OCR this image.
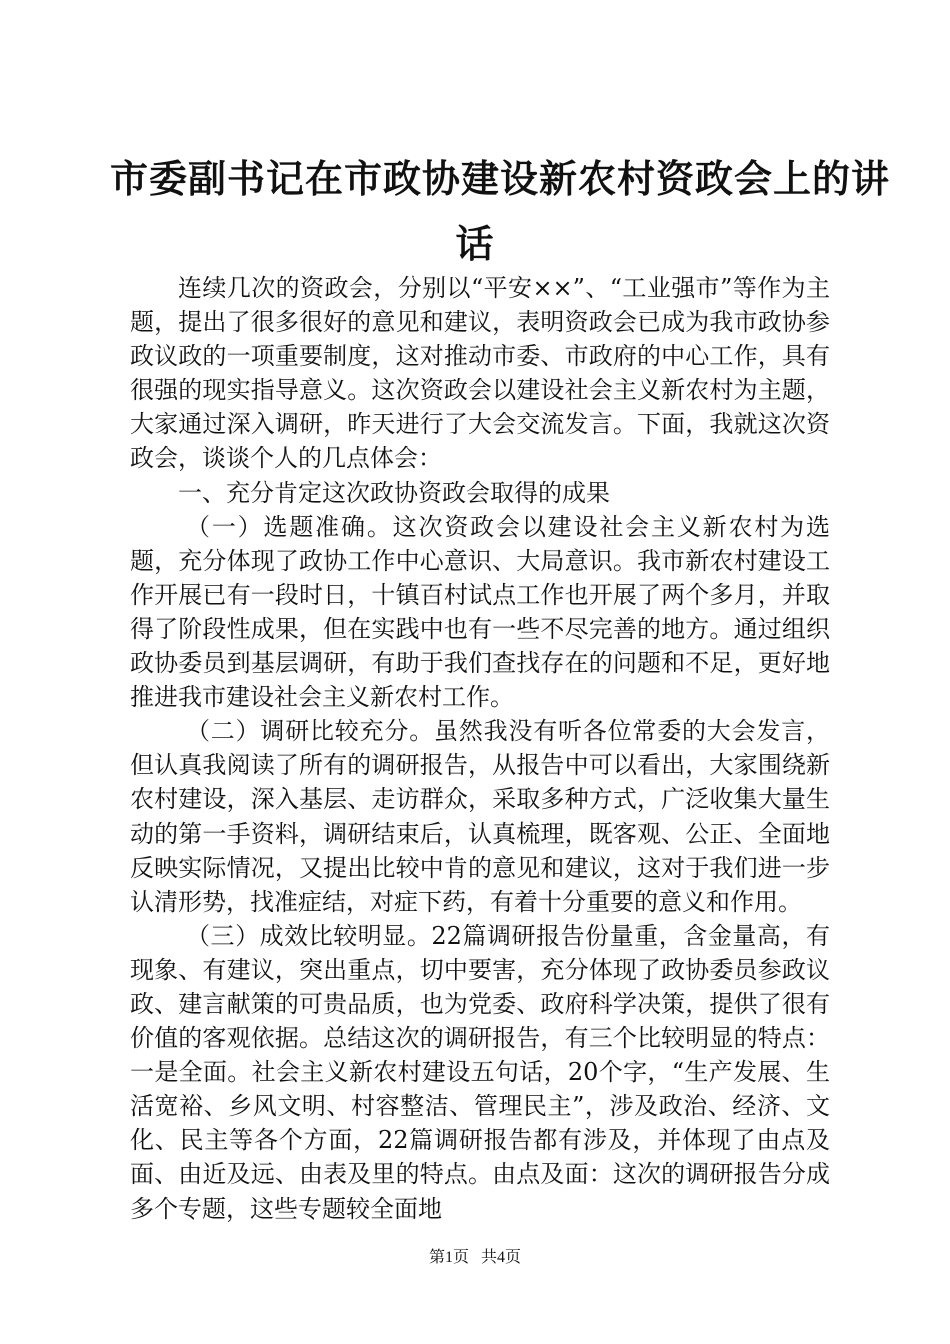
市委副书记在市政协建设新农村资政会上的讲
话

连续几次的资政会，分别以“平安××”、“工业强市”等作为主题，提出了很多很好的意见和建议，表明资政会已成为我市政协参政议政的一项重要制度，这对推动市委、市政府的中心工作，具有很强的现实指导意义。这次资政会以建设社会主义新农村为主题，大家通过深入调研，昨天进行了大会交流发言。下面，我就这次资政会，谈谈个人的几点体会：

一、充分肯定这次政协资政会取得的成果

（一）选题准确。这次资政会以建设社会主义新农村为选题，充分体现了政协工作中心意识、大局意识。我市新农村建设工作开展已有一段时日，十镇百村试点工作也开展了两个多月，并取得了阶段性成果，但在实践中也有一些不尽完善的地方。通过组织政协委员到基层调研，有助于我们查找存在的问题和不足，更好地推进我市建设社会主义新农村工作。

（二）调研比较充分。虽然我没有听各位常委的大会发言，但认真我阅读了所有的调研报告，从报告中可以看出，大家围绕新农村建设，深入基层、走访群众，采取多种方式，广泛收集大量生动的第一手资料，调研结束后，认真梳理，既客观、公正、全面地反映实际情况，又提出比较中肯的意见和建议，这对于我们进一步认清形势，找准症结，对症下药，有着十分重要的意义和作用。

（三）成效比较明显。22篇调研报告份量重，含金量高，有现象、有建议，突出重点，切中要害，充分体现了政协委员参政议政、建言献策的可贵品质，也为党委、政府科学决策，提供了很有价值的客观依据。总结这次的调研报告，有三个比较明显的特点：一是全面。社会主义新农村建设五句话，20个字，“生产发展、生活宽裕、乡风文明、村容整洁、管理民主”，涉及政治、经济、文化、民主等各个方面，22篇调研报告都有涉及，并体现了由点及面、由近及远、由表及里的特点。由点及面：这次的调研报告分成多个专题，这些专题较全面地

第1页 共4页
